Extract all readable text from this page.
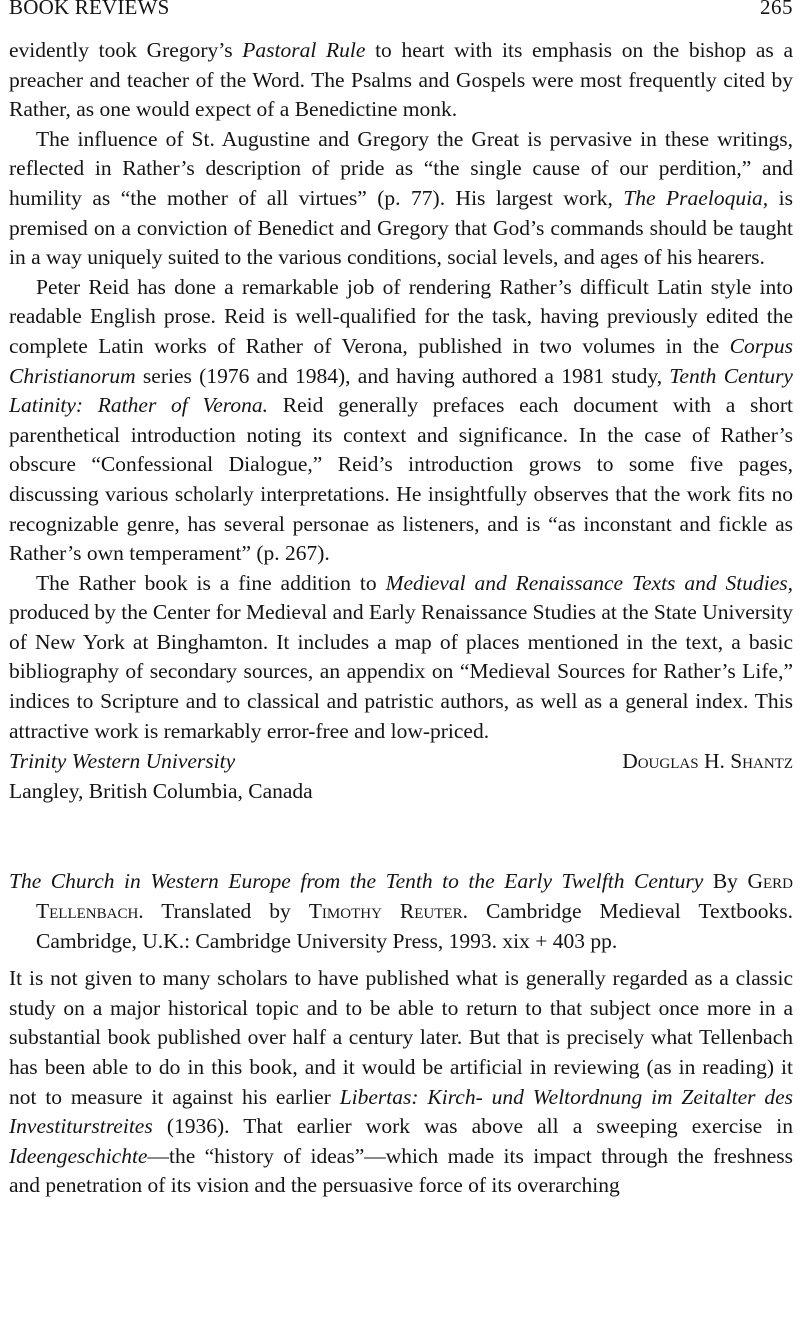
BOOK REVIEWS	265

evidently took Gregory’s Pastoral Rule to heart with its emphasis on the bishop as a preacher and teacher of the Word. The Psalms and Gospels were most frequently cited by Rather, as one would expect of a Benedictine monk.

The influence of St. Augustine and Gregory the Great is pervasive in these writings, reflected in Rather’s description of pride as “the single cause of our perdition,” and humility as “the mother of all virtues” (p. 77). His largest work, The Praeloquia, is premised on a conviction of Benedict and Gregory that God’s commands should be taught in a way uniquely suited to the various conditions, social levels, and ages of his hearers.

Peter Reid has done a remarkable job of rendering Rather’s difficult Latin style into readable English prose. Reid is well-qualified for the task, having previously edited the complete Latin works of Rather of Verona, published in two volumes in the Corpus Christianorum series (1976 and 1984), and having authored a 1981 study, Tenth Century Latinity: Rather of Verona. Reid generally prefaces each document with a short parenthetical introduction noting its context and significance. In the case of Rather’s obscure “Confessional Dialogue,” Reid’s introduction grows to some five pages, discussing various scholarly interpretations. He insightfully observes that the work fits no recognizable genre, has several personae as listeners, and is “as inconstant and fickle as Rather’s own temperament” (p. 267).

The Rather book is a fine addition to Medieval and Renaissance Texts and Studies, produced by the Center for Medieval and Early Renaissance Studies at the State University of New York at Binghamton. It includes a map of places mentioned in the text, a basic bibliography of secondary sources, an appendix on “Medieval Sources for Rather’s Life,” indices to Scripture and to classical and patristic authors, as well as a general index. This attractive work is remarkably error-free and low-priced.

Trinity Western University	Douglas H. Shantz
Langley, British Columbia, Canada
The Church in Western Europe from the Tenth to the Early Twelfth Century By Gerd Tellenbach. Translated by Timothy Reuter. Cambridge Medieval Textbooks. Cambridge, U.K.: Cambridge University Press, 1993. xix + 403 pp.

It is not given to many scholars to have published what is generally regarded as a classic study on a major historical topic and to be able to return to that subject once more in a substantial book published over half a century later. But that is precisely what Tellenbach has been able to do in this book, and it would be artificial in reviewing (as in reading) it not to measure it against his earlier Libertas: Kirch- und Weltordnung im Zeitalter des Investiturstreites (1936). That earlier work was above all a sweeping exercise in Ideengeschichte—the “history of ideas”—which made its impact through the freshness and penetration of its vision and the persuasive force of its overarching
